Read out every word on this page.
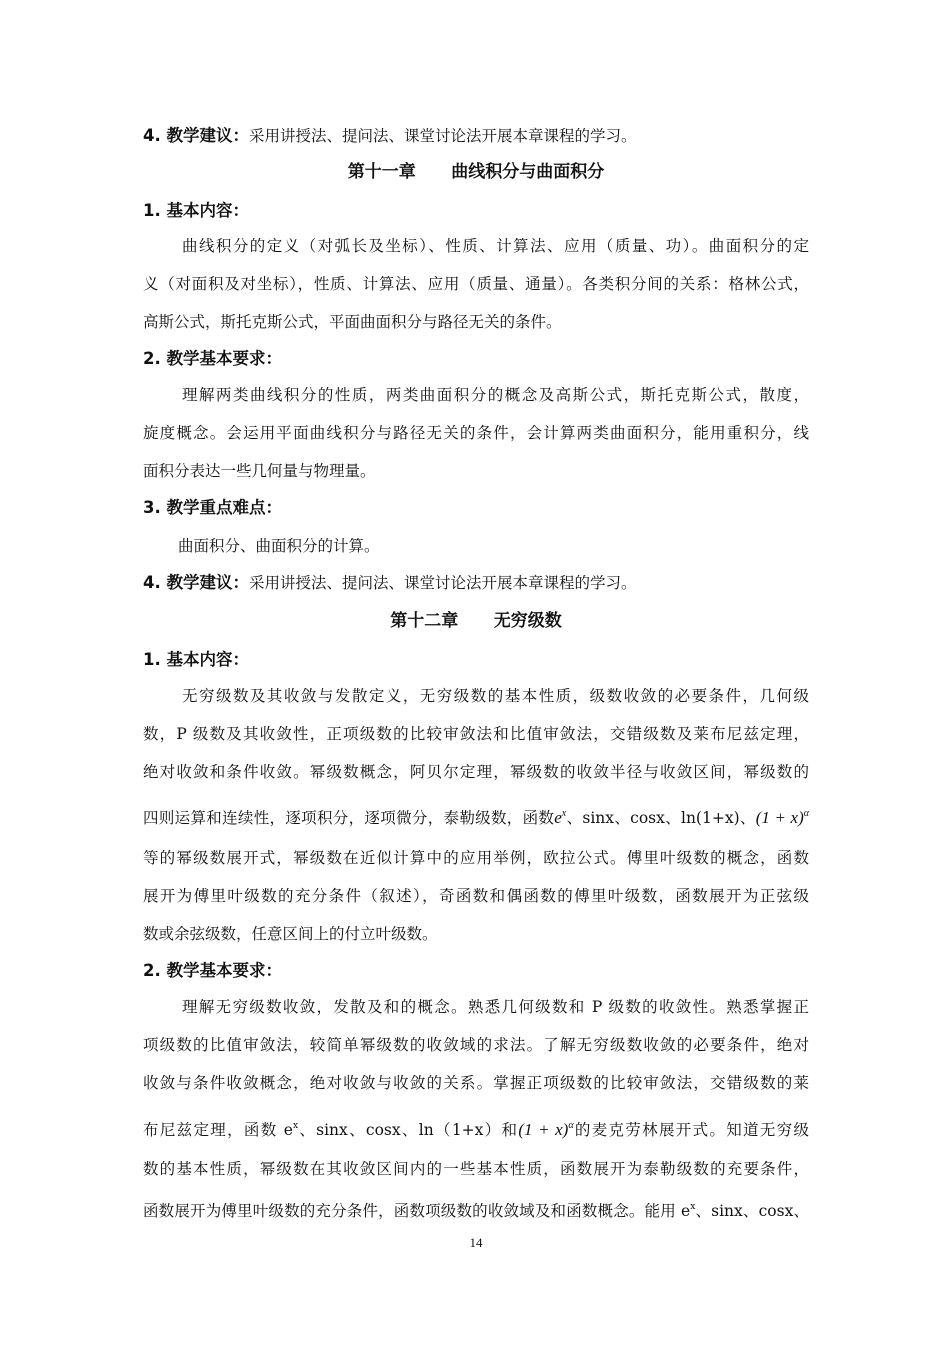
4. 教学建议：采用讲授法、提问法、课堂讨论法开展本章课程的学习。
第十一章      曲线积分与曲面积分
1. 基本内容：
曲线积分的定义（对弧长及坐标）、性质、计算法、应用（质量、功）。曲面积分的定
义（对面积及对坐标），性质、计算法、应用（质量、通量）。各类积分间的关系：格林公式，
高斯公式，斯托克斯公式，平面曲面积分与路径无关的条件。
2. 教学基本要求：
理解两类曲线积分的性质，两类曲面积分的概念及高斯公式，斯托克斯公式，散度，
旋度概念。会运用平面曲线积分与路径无关的条件，会计算两类曲面积分，能用重积分，线
面积分表达一些几何量与物理量。
3. 教学重点难点：
曲面积分、曲面积分的计算。
4. 教学建议：采用讲授法、提问法、课堂讨论法开展本章课程的学习。
第十二章      无穷级数
1. 基本内容：
无穷级数及其收敛与发散定义，无穷级数的基本性质，级数收敛的必要条件，几何级
数，P 级数及其收敛性，正项级数的比较审敛法和比值审敛法，交错级数及莱布尼兹定理，
绝对收敛和条件收敛。幂级数概念，阿贝尔定理，幂级数的收敛半径与收敛区间，幂级数的
四则运算和连续性，逐项积分，逐项微分，泰勒级数，函数$e^x$、sinx、cosx、ln(1+x)、$(1 + x)^\alpha$
等的幂级数展开式，幂级数在近似计算中的应用举例，欧拉公式。傅里叶级数的概念，函数
展开为傅里叶级数的充分条件（叙述），奇函数和偶函数的傅里叶级数，函数展开为正弦级
数或余弦级数，任意区间上的付立叶级数。
2. 教学基本要求：
理解无穷级数收敛，发散及和的概念。熟悉几何级数和 P 级数的收敛性。熟悉掌握正
项级数的比值审敛法，较简单幂级数的收敛域的求法。了解无穷级数收敛的必要条件，绝对
收敛与条件收敛概念，绝对收敛与收敛的关系。掌握正项级数的比较审敛法，交错级数的莱
布尼兹定理，函数 $e^x$、sinx、cosx、ln（1+x）和$(1 + x)^\alpha$的麦克劳林展开式。知道无穷级
数的基本性质，幂级数在其收敛区间内的一些基本性质，函数展开为泰勒级数的充要条件，
函数展开为傅里叶级数的充分条件，函数项级数的收敛域及和函数概念。能用 $e^x$、sinx、cosx、
14
